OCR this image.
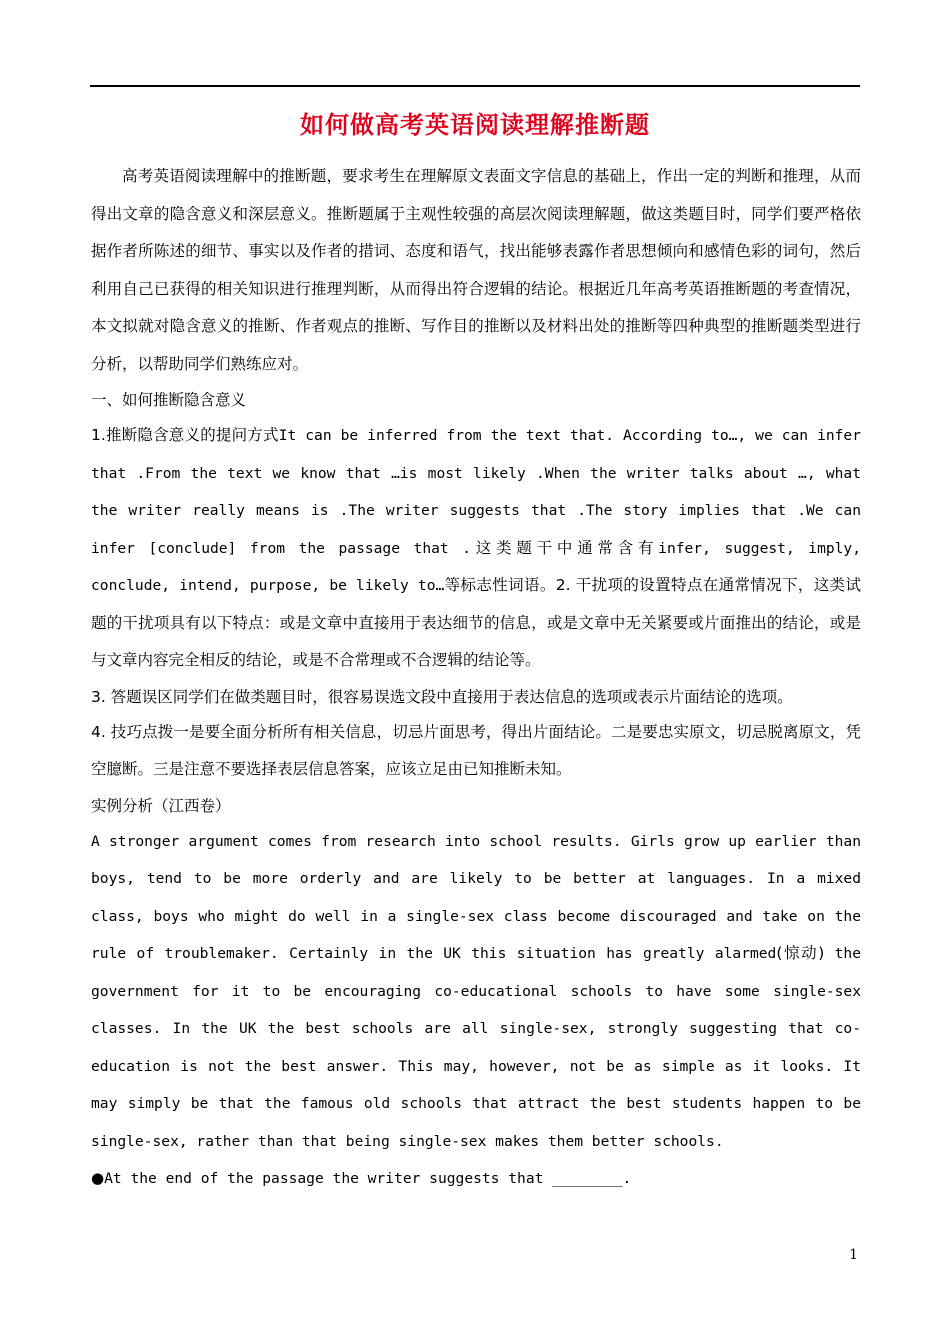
如何做高考英语阅读理解推断题

高考英语阅读理解中的推断题，要求考生在理解原文表面文字信息的基础上，作出一定的判断和推理，从而得出文章的隐含意义和深层意义。推断题属于主观性较强的高层次阅读理解题，做这类题目时，同学们要严格依据作者所陈述的细节、事实以及作者的措词、态度和语气，找出能够表露作者思想倾向和感情色彩的词句，然后利用自己已获得的相关知识进行推理判断，从而得出符合逻辑的结论。根据近几年高考英语推断题的考查情况，本文拟就对隐含意义的推断、作者观点的推断、写作目的推断以及材料出处的推断等四种典型的推断题类型进行分析，以帮助同学们熟练应对。

一、如何推断隐含意义

1.推断隐含意义的提问方式It can be inferred from the text that. According to…, we can infer that .From the text we know that …is most likely .When the writer talks about …, what the writer really means is .The writer suggests that .The story implies that .We can infer [conclude] from the passage that .这类题干中通常含有infer, suggest, imply, conclude, intend, purpose, be likely to…等标志性词语。2. 干扰项的设置特点在通常情况下，这类试题的干扰项具有以下特点：或是文章中直接用于表达细节的信息，或是文章中无关紧要或片面推出的结论，或是与文章内容完全相反的结论，或是不合常理或不合逻辑的结论等。

3. 答题误区同学们在做类题目时，很容易误选文段中直接用于表达信息的选项或表示片面结论的选项。

4. 技巧点拨一是要全面分析所有相关信息，切忌片面思考，得出片面结论。二是要忠实原文，切忌脱离原文，凭空臆断。三是注意不要选择表层信息答案，应该立足由已知推断未知。

实例分析（江西卷）

A stronger argument comes from research into school results. Girls grow up earlier than boys, tend to be more orderly and are likely to be better at languages. In a mixed class, boys who might do well in a single-sex class become discouraged and take on the rule of troublemaker. Certainly in the UK this situation has greatly alarmed(惊动) the government for it to be encouraging co-educational schools to have some single-sex classes. In the UK the best schools are all single-sex, strongly suggesting that co-education is not the best answer. This may, however, not be as simple as it looks. It may simply be that the famous old schools that attract the best students happen to be single-sex, rather than that being single-sex makes them better schools.

●At the end of the passage the writer suggests that ________.

1
